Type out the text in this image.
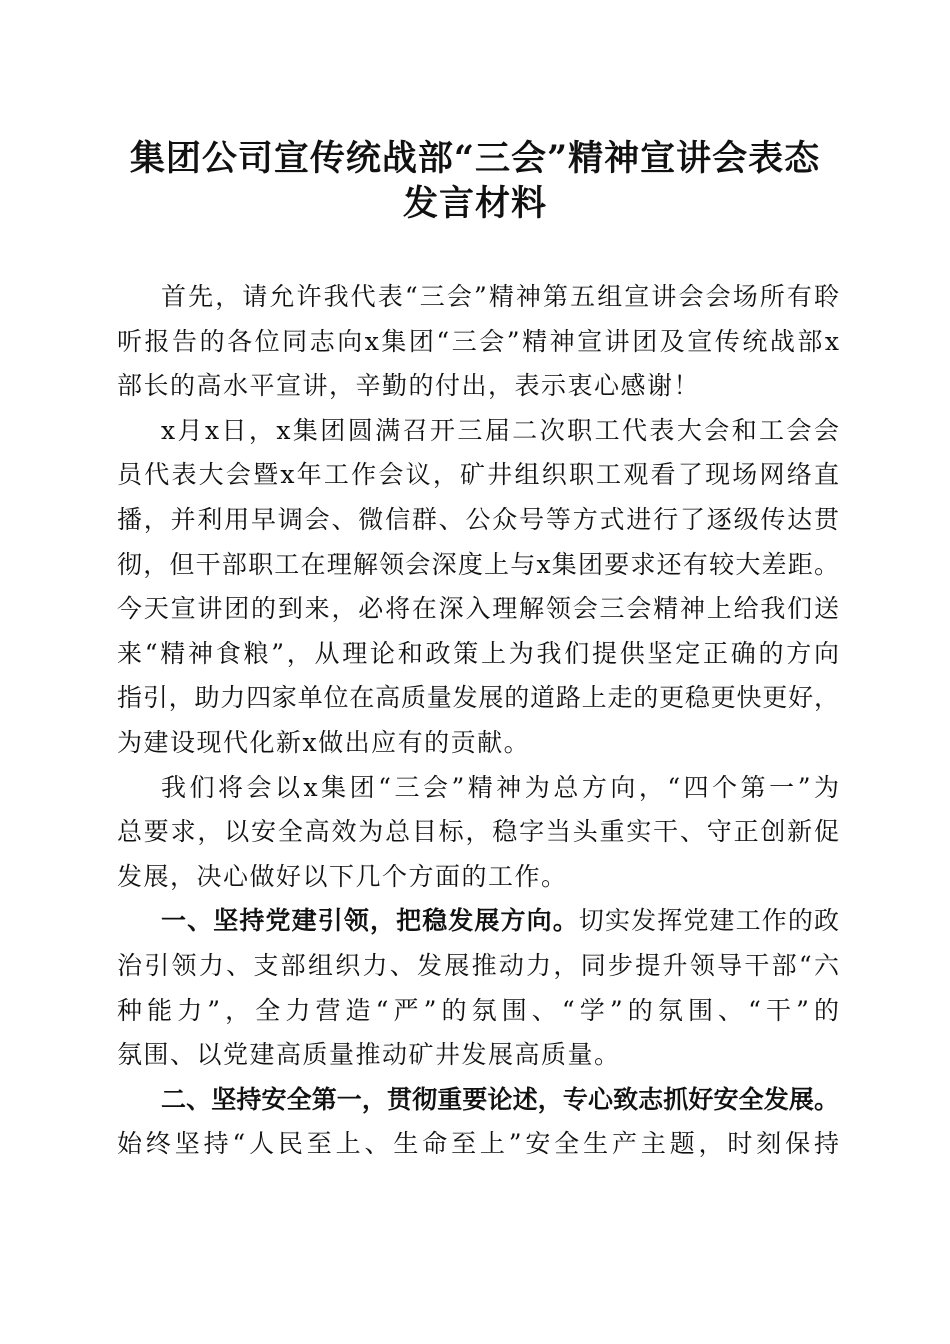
集团公司宣传统战部“三会”精神宣讲会表态
发言材料
首先，请允许我代表“三会”精神第五组宣讲会会场所有聆
听报告的各位同志向x集团“三会”精神宣讲团及宣传统战部x
部长的高水平宣讲，辛勤的付出，表示衷心感谢！
x月x日，x集团圆满召开三届二次职工代表大会和工会会
员代表大会暨x年工作会议，矿井组织职工观看了现场网络直
播，并利用早调会、微信群、公众号等方式进行了逐级传达贯
彻，但干部职工在理解领会深度上与x集团要求还有较大差距。
今天宣讲团的到来，必将在深入理解领会三会精神上给我们送
来“精神食粮”，从理论和政策上为我们提供坚定正确的方向
指引，助力四家单位在高质量发展的道路上走的更稳更快更好，
为建设现代化新x做出应有的贡献。
我们将会以x集团“三会”精神为总方向，“四个第一”为
总要求，以安全高效为总目标，稳字当头重实干、守正创新促
发展，决心做好以下几个方面的工作。
一、坚持党建引领，把稳发展方向。切实发挥党建工作的政
治引领力、支部组织力、发展推动力，同步提升领导干部“六
种能力”，全力营造“严”的氛围、“学”的氛围、“干”的
氛围、以党建高质量推动矿井发展高质量。
二、坚持安全第一，贯彻重要论述，专心致志抓好安全发展。
始终坚持“人民至上、生命至上”安全生产主题，时刻保持
